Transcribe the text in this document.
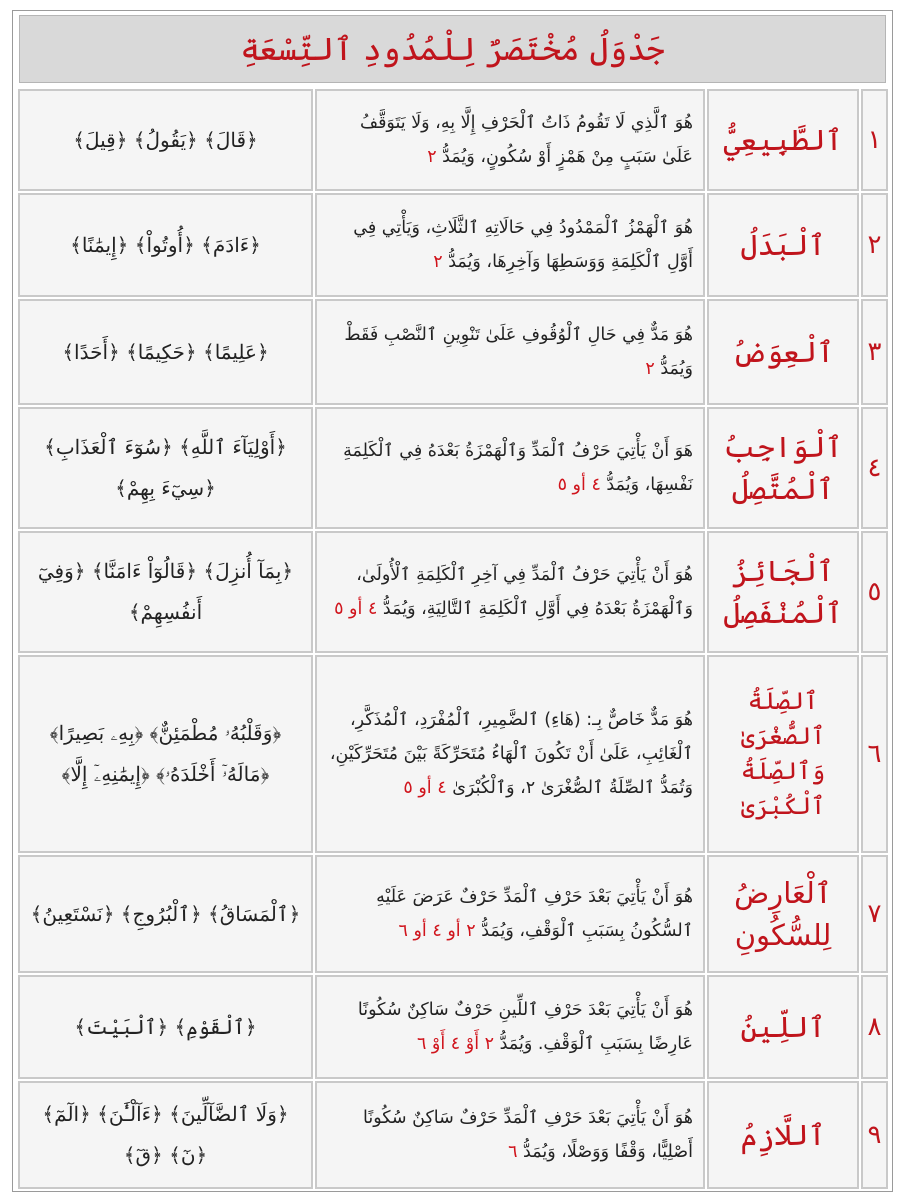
جَدْوَلُ مُخْتَصَرٌ لِلْمُدُودِ ٱلتِّسْعَةِ
١
ٱلطَّبِيعِيُّ
هُوَ ٱلَّذِي لَا تَقُومُ ذَاتُ ٱلْحَرْفِ إِلَّا بِهِ، وَلَا يَتَوَقَّفُ عَلَىٰ سَبَبٍ مِنْ هَمْزٍ أَوْ سُكُونٍ، وَيُمَدُّ ٢
﴿قَالَ﴾ ﴿يَقُولُ﴾ ﴿قِيلَ﴾
٢
ٱلْبَدَلُ
هُوَ ٱلْهَمْزُ ٱلْمَمْدُودُ فِي حَالَاتِهِ ٱلثَّلَاثِ، وَيَأْتِي فِي أَوَّلِ ٱلْكَلِمَةِ وَوَسَطِهَا وَآخِرِهَا، وَيُمَدُّ ٢
﴿ءَادَمَ﴾ ﴿أُوتُواْ﴾ ﴿إِيمَٰنًا﴾
٣
ٱلْعِوَضُ
هُوَ مَدٌّ فِي حَالِ ٱلْوُقُوفِ عَلَىٰ تَنْوِينِ ٱلنَّصْبِ فَقَطْ وَيُمَدُّ ٢
﴿عَلِيمًا﴾ ﴿حَكِيمًا﴾ ﴿أَحَدًا﴾
٤
ٱلْوَاجِبُ ٱلْمُتَّصِلُ
هَوَ أَنْ يَأْتِيَ حَرْفُ ٱلْمَدِّ وَٱلْهَمْزَةُ بَعْدَهُ فِي ٱلْكَلِمَةِ نَفْسِهَا، وَيُمَدُّ ٤ أو ٥
﴿أَوْلِيَآءَ ٱللَّهِ﴾ ﴿سُوٓءَ ٱلْعَذَابِ﴾ ﴿سِيٓءَ بِهِمْ﴾
٥
ٱلْجَائِزُ ٱلْمُنْفَصِلُ
هُوَ أَنْ يَأْتِيَ حَرْفُ ٱلْمَدِّ فِي آخِرِ ٱلْكَلِمَةِ ٱلْأُولَىٰ، وَٱلْهَمْزَةُ بَعْدَهُ فِي أَوَّلِ ٱلْكَلِمَةِ ٱلتَّالِيَةِ، وَيُمَدُّ ٤ أو ٥
﴿بِمَآ أُنزِلَ﴾ ﴿قَالُوٓاْ ءَامَنَّا﴾ ﴿وَفِيٓ أَنفُسِهِمْ﴾
٦
ٱلصِّلَةُ ٱلصُّغْرَىٰ وَٱلصِّلَةُ ٱلْكُبْرَىٰ
هُوَ مَدٌّ خَاصٌّ بِـ: (هَاءِ) ٱلضَّمِيرِ، ٱلْمُفْرَدِ، ٱلْمُذَكَّرِ، ٱلْغَائِبِ، عَلَىٰ أَنْ تَكُونَ ٱلْهَاءُ مُتَحَرِّكَةً بَيْنَ مُتَحَرِّكَيْنِ، وَتُمَدُّ ٱلصِّلَةُ ٱلصُّغْرَىٰ ٢، وَٱلْكُبْرَىٰ ٤ أو ٥
﴿وَقَلْبُهُۥ مُطْمَئِنٌّ﴾ ﴿بِهِۦ بَصِيرًا﴾ ﴿مَالَهُۥٓ أَخْلَدَهُۥ﴾ ﴿إِيمَٰنِهِۦٓ إِلَّا﴾
٧
ٱلْعَارِضُ لِلسُّكُونِ
هُوَ أَنْ يَأْتِيَ بَعْدَ حَرْفِ ٱلْمَدِّ حَرْفٌ عَرَضَ عَلَيْهِ ٱلسُّكُونُ بِسَبَبِ ٱلْوَقْفِ، وَيُمَدُّ ٢ أو ٤ أو ٦
﴿ٱلْمَسَاقُ﴾ ﴿ٱلْبُرُوجِ﴾ ﴿نَسْتَعِينُ﴾
٨
ٱللِّينُ
هُوَ أَنْ يَأْتِيَ بَعْدَ حَرْفِ ٱللِّينِ حَرْفٌ سَاكِنٌ سُكُونًا عَارِضًا بِسَبَبِ ٱلْوَقْفِ. وَيُمَدُّ ٢ أَوْ ٤ أَوْ ٦
﴿ٱلْقَوْمِ﴾ ﴿ٱلْبَيْتَ﴾
٩
ٱللَّازِمُ
هُوَ أَنْ يَأْتِيَ بَعْدَ حَرْفِ ٱلْمَدِّ حَرْفٌ سَاكِنٌ سُكُونًا أَصْلِيًّا، وَقْفًا وَوَصْلًا، وَيُمَدُّ ٦
﴿وَلَا ٱلضَّآلِّينَ﴾ ﴿ءَآلْـَٰٔنَ﴾ ﴿الٓمٓ﴾ ﴿نٓ﴾ ﴿قٓ﴾
